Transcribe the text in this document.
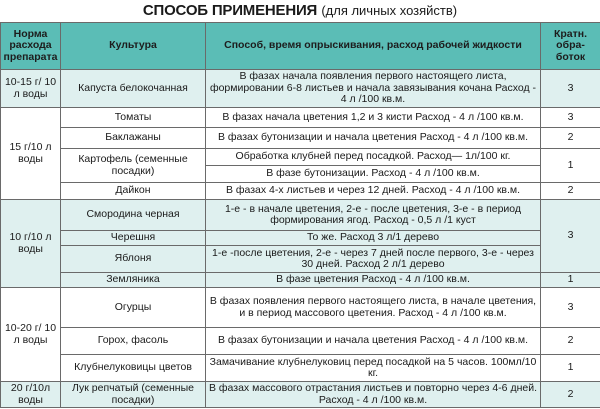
СПОСОБ ПРИМЕНЕНИЯ (для личных хозяйств)
Норма расхода препарата	Культура	Способ, время опрыскивания, расход рабочей жидкости	Кратн. обра- боток
10-15 г/ 10 л воды	Капуста белокочанная	В фазах начала появления первого настоящего листа, формировании 6-8 листьев и начала завязывания кочана Расход - 4 л /100 кв.м.	3
15 г/10 л воды	Томаты	В фазах начала цветения 1,2 и 3 кисти Расход - 4 л /100 кв.м.	3
	Баклажаны	В фазах бутонизации и начала цветения Расход - 4 л /100 кв.м.	2
	Картофель (семенные посадки)	Обработка клубней перед посадкой. Расход— 1л/100 кг.	1
		В фазе бутонизации. Расход - 4 л /100 кв.м.	
	Дайкон	В фазах 4-х листьев и через 12 дней. Расход - 4 л /100 кв.м.	2
10 г/10 л воды	Смородина черная	1-е - в начале цветения, 2-е - после цветения, 3-е - в период формирования ягод. Расход - 0,5 л /1 куст	3
	Черешня	То же. Расход 3 л/1 дерево	
	Яблоня	1-е -после цветения, 2-е - через 7 дней после первого, 3-е - через 30 дней. Расход 2 л/1 дерево	
	Земляника	В фазе цветения Расход - 4 л /100 кв.м.	1
10-20 г/ 10 л воды	Огурцы	В фазах появления первого настоящего листа, в начале цветения, и в период массового цветения. Расход - 4 л /100 кв.м.	3
	Горох, фасоль	В фазах бутонизации и начала цветения Расход - 4 л /100 кв.м.	2
	Клубнелуковицы цветов	Замачивание клубнелуковиц перед посадкой на 5 часов. 100мл/10 кг.	1
20 г/10л воды	Лук репчатый (семенные посадки)	В фазах массового отрастания листьев и повторно через 4-6 дней. Расход - 4 л /100 кв.м.	2
